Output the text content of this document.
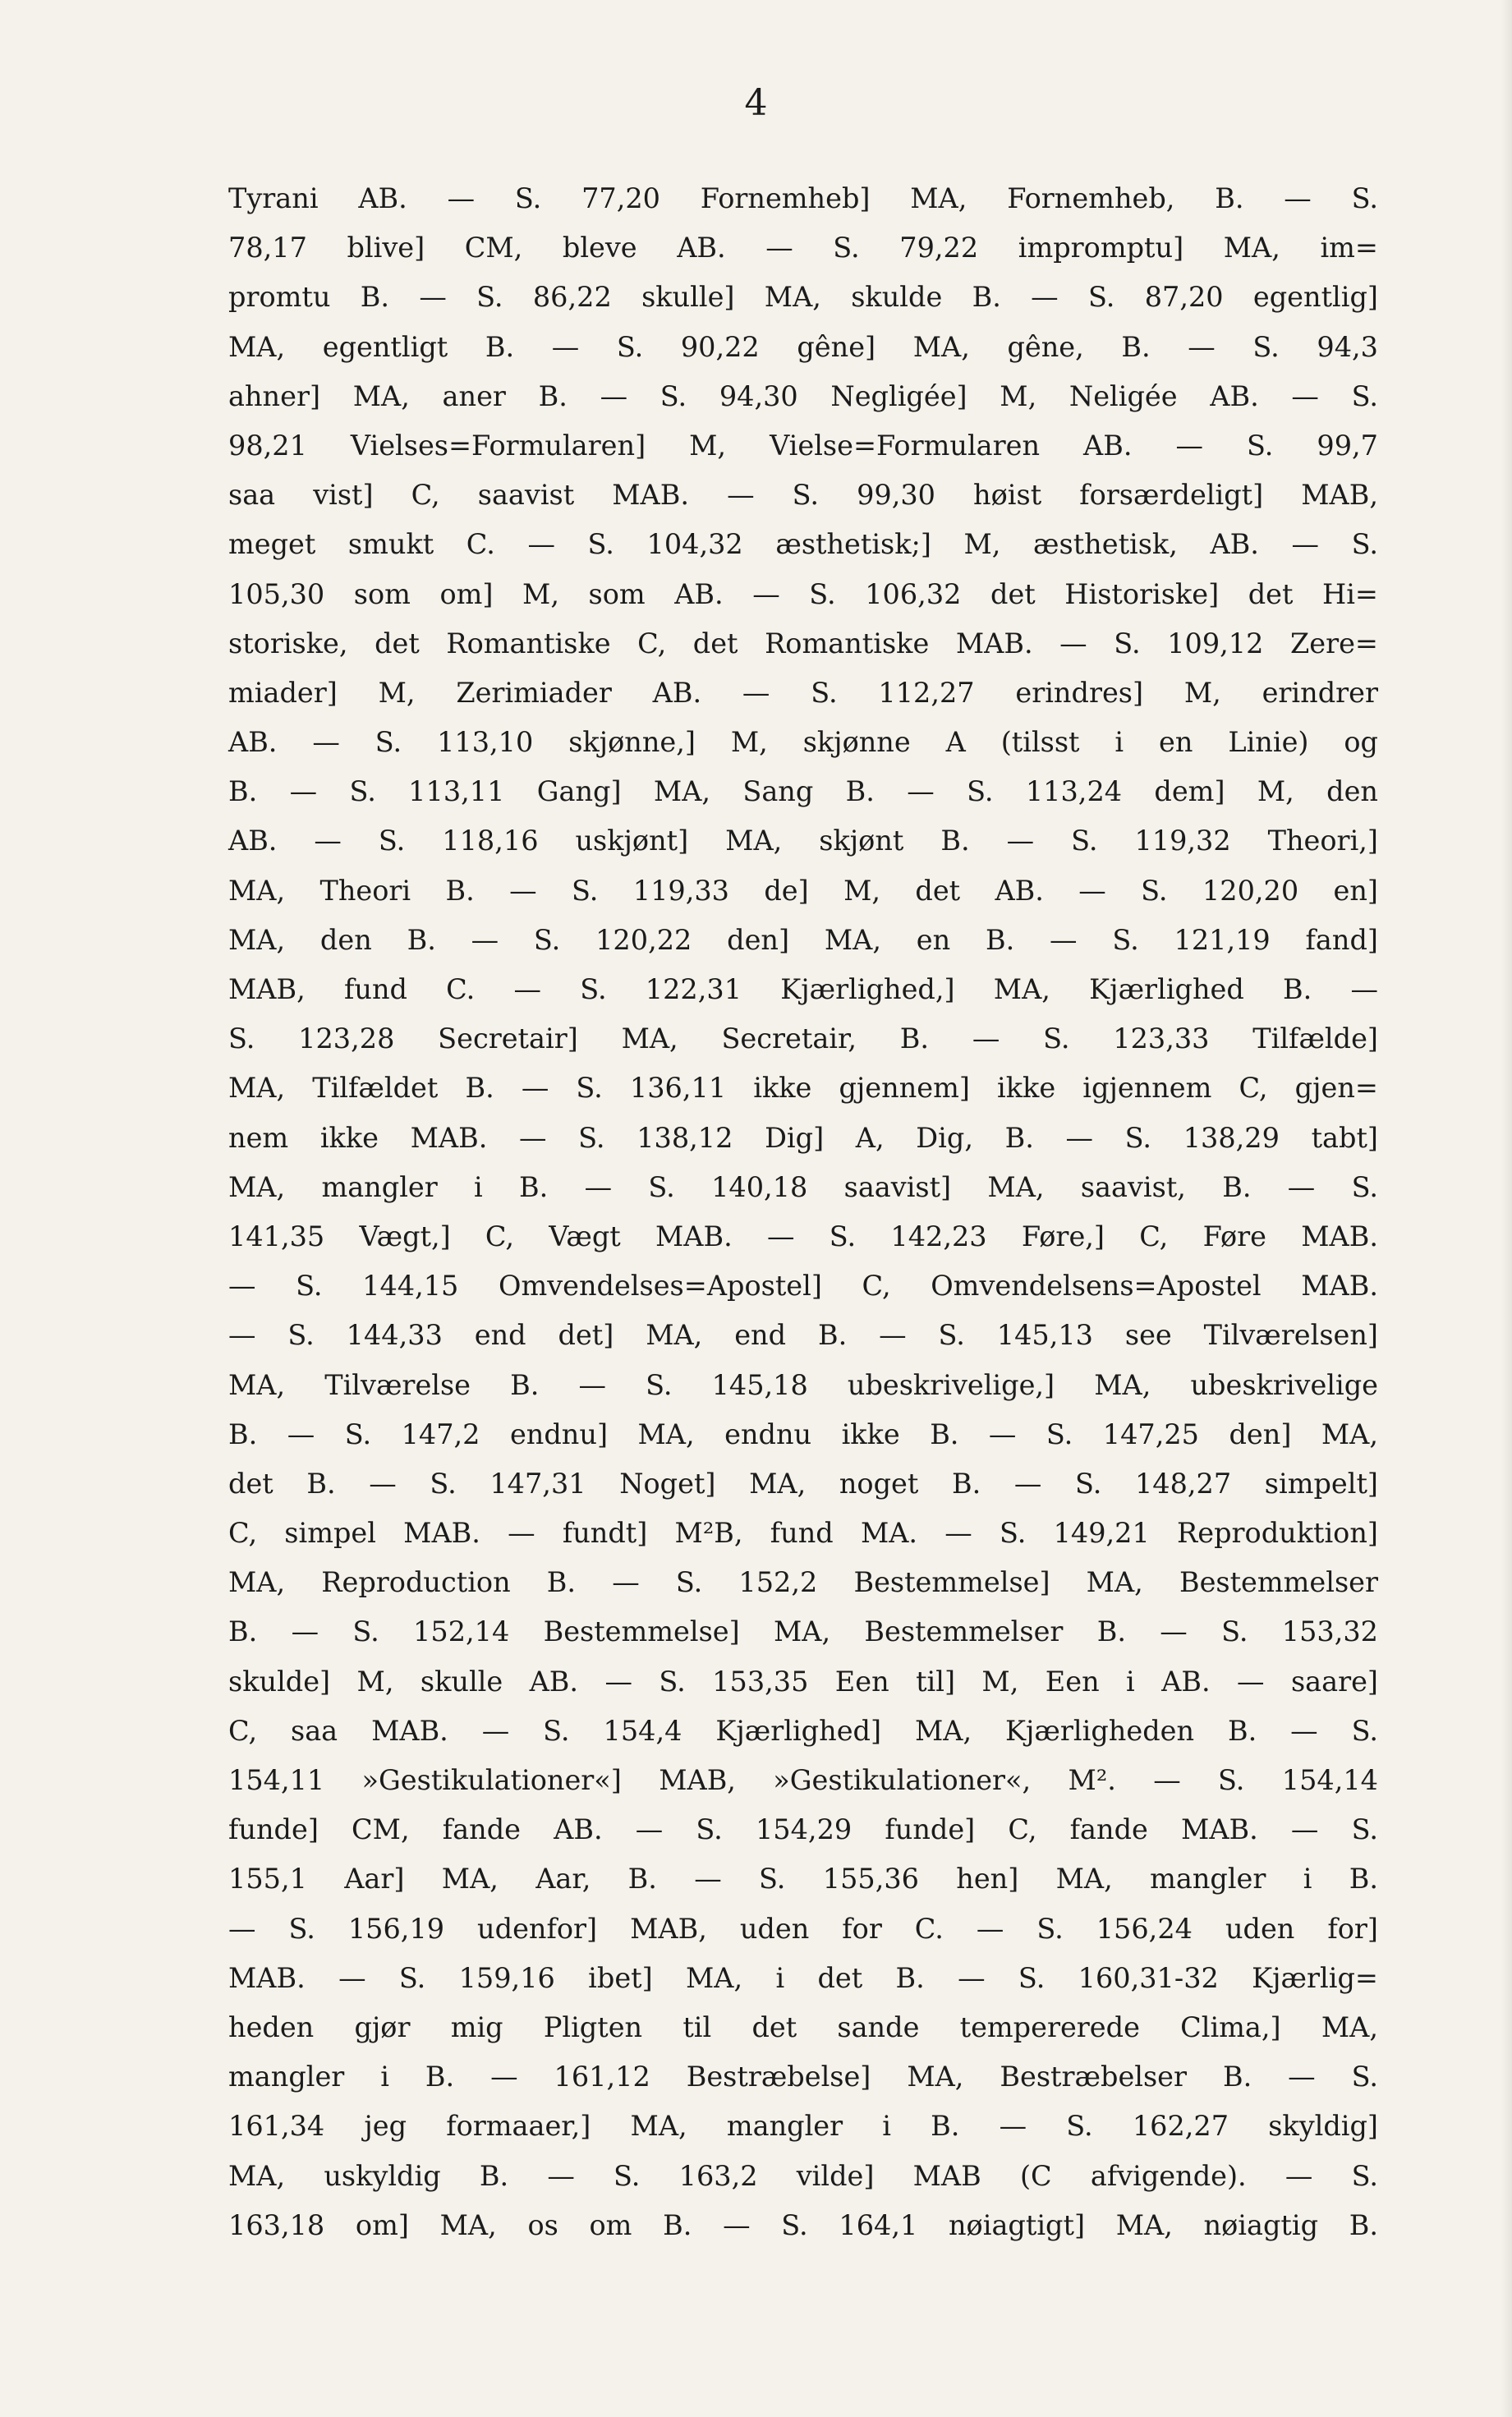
4
Tyrani AB. — S. 77,20 Fornemheb] MA, Fornemheb, B. — S.
78,17 blive] CM, bleve AB. — S. 79,22 impromptu] MA, im=
promtu B. — S. 86,22 skulle] MA, skulde B. — S. 87,20 egentlig]
MA, egentligt B. — S. 90,22 gêne] MA, gêne, B. — S. 94,3
ahner] MA, aner B. — S. 94,30 Negligée] M, Neligée AB. — S.
98,21 Vielses=Formularen] M, Vielse=Formularen AB. — S. 99,7
saa vist] C, saavist MAB. — S. 99,30 høist forsærdeligt] MAB,
meget smukt C. — S. 104,32 æsthetisk;] M, æsthetisk, AB. — S.
105,30 som om] M, som AB. — S. 106,32 det Historiske] det Hi=
storiske, det Romantiske C, det Romantiske MAB. — S. 109,12 Zere=
miader] M, Zerimiader AB. — S. 112,27 erindres] M, erindrer
AB. — S. 113,10 skjønne,] M, skjønne A (tilsst i en Linie) og
B. — S. 113,11 Gang] MA, Sang B. — S. 113,24 dem] M, den
AB. — S. 118,16 uskjønt] MA, skjønt B. — S. 119,32 Theori,]
MA, Theori B. — S. 119,33 de] M, det AB. — S. 120,20 en]
MA, den B. — S. 120,22 den] MA, en B. — S. 121,19 fand]
MAB, fund C. — S. 122,31 Kjærlighed,] MA, Kjærlighed B. —
S. 123,28 Secretair] MA, Secretair, B. — S. 123,33 Tilfælde]
MA, Tilfældet B. — S. 136,11 ikke gjennem] ikke igjennem C, gjen=
nem ikke MAB. — S. 138,12 Dig] A, Dig, B. — S. 138,29 tabt]
MA, mangler i B. — S. 140,18 saavist] MA, saavist, B. — S.
141,35 Vægt,] C, Vægt MAB. — S. 142,23 Føre,] C, Føre MAB.
— S. 144,15 Omvendelses=Apostel] C, Omvendelsens=Apostel MAB.
— S. 144,33 end det] MA, end B. — S. 145,13 see Tilværelsen]
MA, Tilværelse B. — S. 145,18 ubeskrivelige,] MA, ubeskrivelige
B. — S. 147,2 endnu] MA, endnu ikke B. — S. 147,25 den] MA,
det B. — S. 147,31 Noget] MA, noget B. — S. 148,27 simpelt]
C, simpel MAB. — fundt] M²B, fund MA. — S. 149,21 Reproduktion]
MA, Reproduction B. — S. 152,2 Bestemmelse] MA, Bestemmelser
B. — S. 152,14 Bestemmelse] MA, Bestemmelser B. — S. 153,32
skulde] M, skulle AB. — S. 153,35 Een til] M, Een i AB. — saare]
C, saa MAB. — S. 154,4 Kjærlighed] MA, Kjærligheden B. — S.
154,11 »Gestikulationer«] MAB, »Gestikulationer«, M². — S. 154,14
funde] CM, fande AB. — S. 154,29 funde] C, fande MAB. — S.
155,1 Aar] MA, Aar, B. — S. 155,36 hen] MA, mangler i B.
— S. 156,19 udenfor] MAB, uden for C. — S. 156,24 uden for]
MAB. — S. 159,16 ibet] MA, i det B. — S. 160,31-32 Kjærlig=
heden gjør mig Pligten til det sande tempererede Clima,] MA,
mangler i B. — 161,12 Bestræbelse] MA, Bestræbelser B. — S.
161,34 jeg formaaer,] MA, mangler i B. — S. 162,27 skyldig]
MA, uskyldig B. — S. 163,2 vilde] MAB (C afvigende). — S.
163,18 om] MA, os om B. — S. 164,1 nøiagtigt] MA, nøiagtig B.
